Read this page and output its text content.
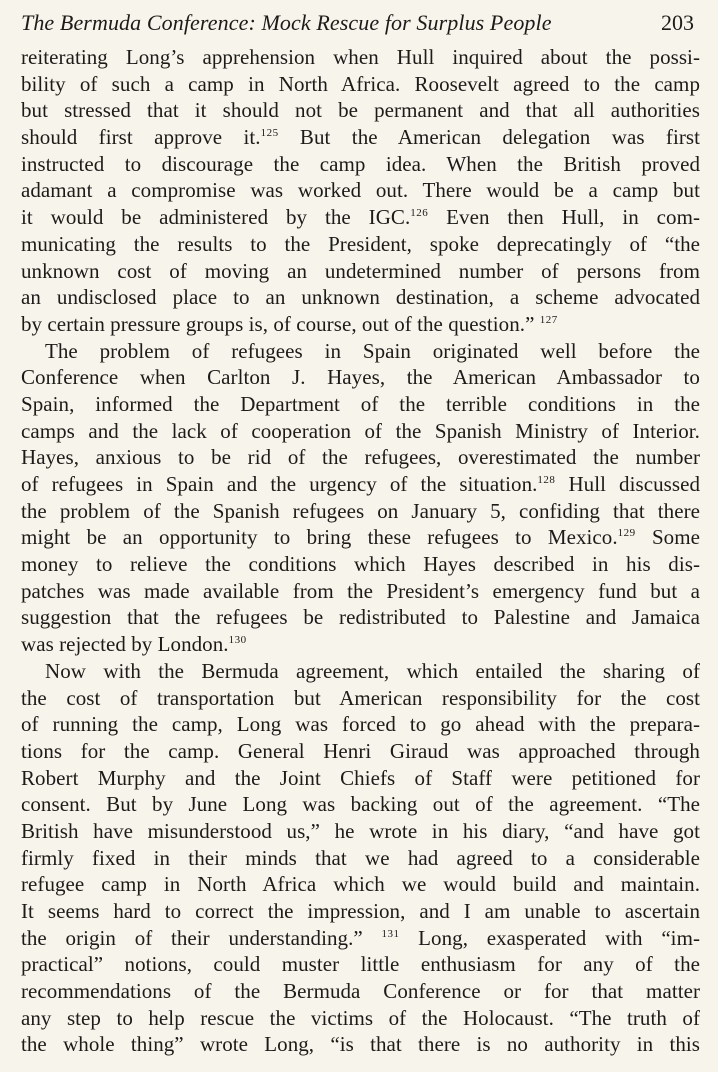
The Bermuda Conference: Mock Rescue for Surplus People	203
reiterating Long’s apprehension when Hull inquired about the possi-
bility of such a camp in North Africa. Roosevelt agreed to the camp
but stressed that it should not be permanent and that all authorities
should first approve it.$^{125}$ But the American delegation was first
instructed to discourage the camp idea. When the British proved
adamant a compromise was worked out. There would be a camp but
it would be administered by the IGC.$^{126}$ Even then Hull, in com-
municating the results to the President, spoke deprecatingly of “the
unknown cost of moving an undetermined number of persons from
an undisclosed place to an unknown destination, a scheme advocated
by certain pressure groups is, of course, out of the question.” $^{127}$
The problem of refugees in Spain originated well before the
Conference when Carlton J. Hayes, the American Ambassador to
Spain, informed the Department of the terrible conditions in the
camps and the lack of cooperation of the Spanish Ministry of Interior.
Hayes, anxious to be rid of the refugees, overestimated the number
of refugees in Spain and the urgency of the situation.$^{128}$ Hull discussed
the problem of the Spanish refugees on January 5, confiding that there
might be an opportunity to bring these refugees to Mexico.$^{129}$ Some
money to relieve the conditions which Hayes described in his dis-
patches was made available from the President’s emergency fund but a
suggestion that the refugees be redistributed to Palestine and Jamaica
was rejected by London.$^{130}$
Now with the Bermuda agreement, which entailed the sharing of
the cost of transportation but American responsibility for the cost
of running the camp, Long was forced to go ahead with the prepara-
tions for the camp. General Henri Giraud was approached through
Robert Murphy and the Joint Chiefs of Staff were petitioned for
consent. But by June Long was backing out of the agreement. “The
British have misunderstood us,” he wrote in his diary, “and have got
firmly fixed in their minds that we had agreed to a considerable
refugee camp in North Africa which we would build and maintain.
It seems hard to correct the impression, and I am unable to ascertain
the origin of their understanding.” $^{131}$ Long, exasperated with “im-
practical” notions, could muster little enthusiasm for any of the
recommendations of the Bermuda Conference or for that matter
any step to help rescue the victims of the Holocaust. “The truth of
the whole thing” wrote Long, “is that there is no authority in this
